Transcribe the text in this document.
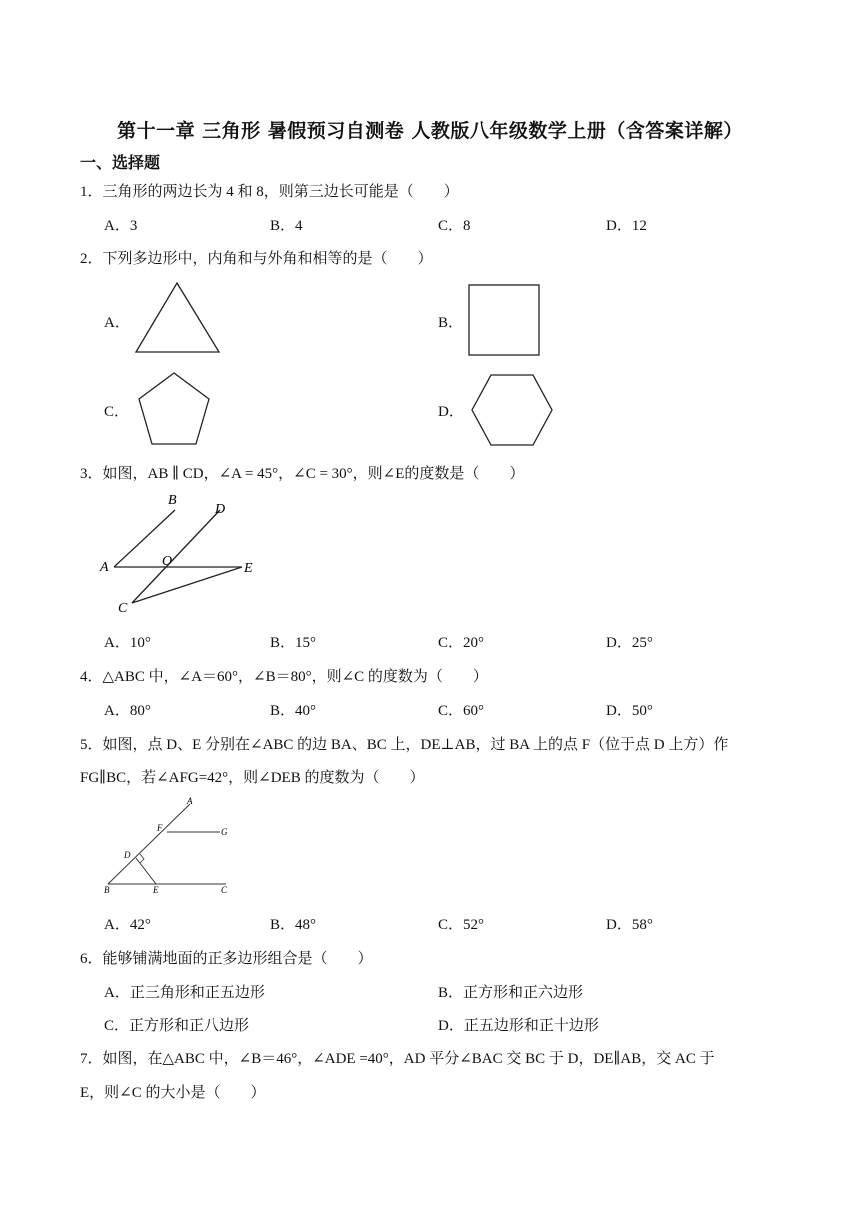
第十一章 三角形 暑假预习自测卷 人教版八年级数学上册（含答案详解）
一、选择题
1．三角形的两边长为 4 和 8，则第三边长可能是（　　）
A．3	B．4	C．8	D．12
2．下列多边形中，内角和与外角和相等的是（　　）
A．	B．
C．	D．
3．如图，AB ∥ CD，∠A = 45°，∠C = 30°，则∠E的度数是（　　）
B
D
A	O	E
C
A．10°	B．15°	C．20°	D．25°
4．△ABC 中，∠A＝60°，∠B＝80°，则∠C 的度数为（　　）
A．80°	B．40°	C．60°	D．50°
5．如图，点 D、E 分别在∠ABC 的边 BA、BC 上，DE⊥AB，过 BA 上的点 F（位于点 D 上方）作
FG∥BC，若∠AFG=42°，则∠DEB 的度数为（　　）
A
F	G
D
B	E	C
A．42°	B．48°	C．52°	D．58°
6．能够铺满地面的正多边形组合是（　　）
A．正三角形和正五边形	B．正方形和正六边形
C．正方形和正八边形	D．正五边形和正十边形
7．如图，在△ABC 中，∠B＝46°，∠ADE =40°，AD 平分∠BAC 交 BC 于 D，DE∥AB，交 AC 于
E，则∠C 的大小是（　　）
